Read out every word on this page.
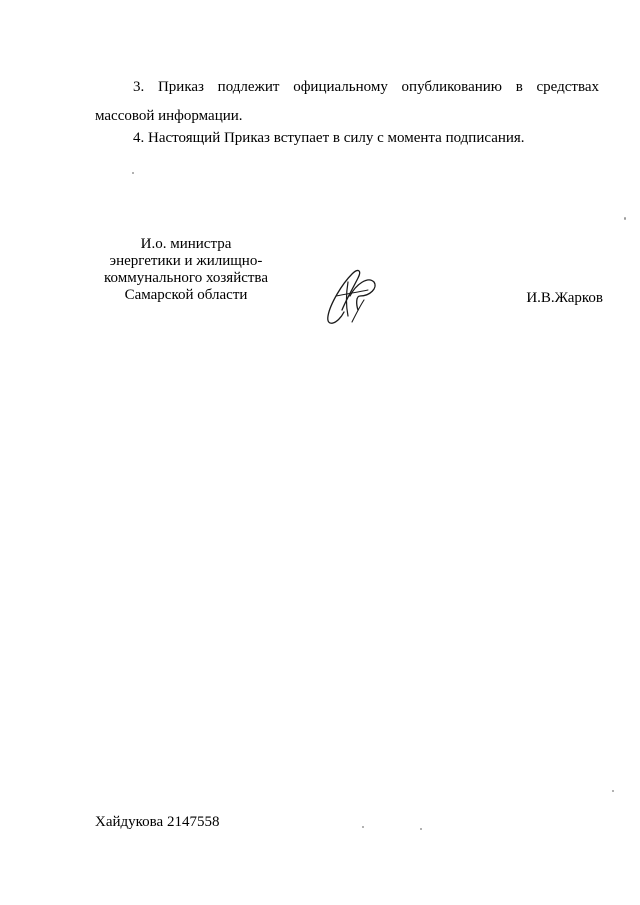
3. Приказ подлежит официальному опубликованию в средствах массовой информации.

4. Настоящий Приказ вступает в силу с момента подписания.

И.о. министра
энергетики и жилищно-
коммунального хозяйства
Самарской области	И.В.Жарков
Хайдукова 2147558
